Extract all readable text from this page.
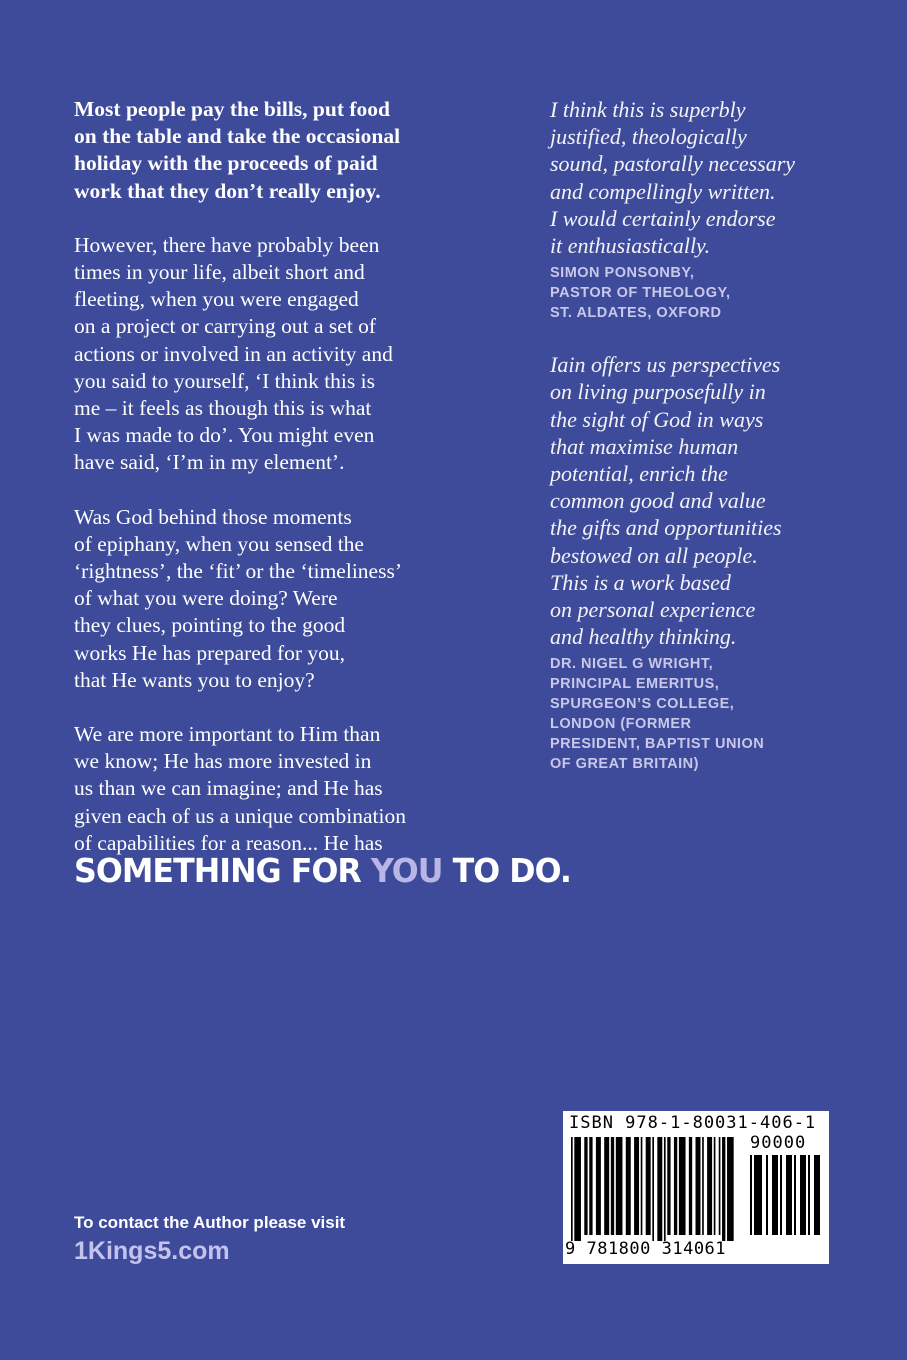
Most people pay the bills, put food
on the table and take the occasional
holiday with the proceeds of paid
work that they don’t really enjoy.

However, there have probably been
times in your life, albeit short and
fleeting, when you were engaged
on a project or carrying out a set of
actions or involved in an activity and
you said to yourself, ‘I think this is
me – it feels as though this is what
I was made to do’. You might even
have said, ‘I’m in my element’.

Was God behind those moments
of epiphany, when you sensed the
‘rightness’, the ‘fit’ or the ‘timeliness’
of what you were doing? Were
they clues, pointing to the good
works He has prepared for you,
that He wants you to enjoy?

We are more important to Him than
we know; He has more invested in
us than we can imagine; and He has
given each of us a unique combination
of capabilities for a reason... He has

SOMETHING FOR YOU TO DO.
I think this is superbly
justified, theologically
sound, pastorally necessary
and compellingly written.
I would certainly endorse
it enthusiastically.
SIMON PONSONBY,
PASTOR OF THEOLOGY,
ST. ALDATES, OXFORD
Iain offers us perspectives
on living purposefully in
the sight of God in ways
that maximise human
potential, enrich the
common good and value
the gifts and opportunities
bestowed on all people.
This is a work based
on personal experience
and healthy thinking.
DR. NIGEL G WRIGHT,
PRINCIPAL EMERITUS,
SPURGEON’S COLLEGE,
LONDON (FORMER
PRESIDENT, BAPTIST UNION
OF GREAT BRITAIN)
To contact the Author please visit
1Kings5.com
ISBN 978-1-80031-406-1
90000
9 781800 314061
